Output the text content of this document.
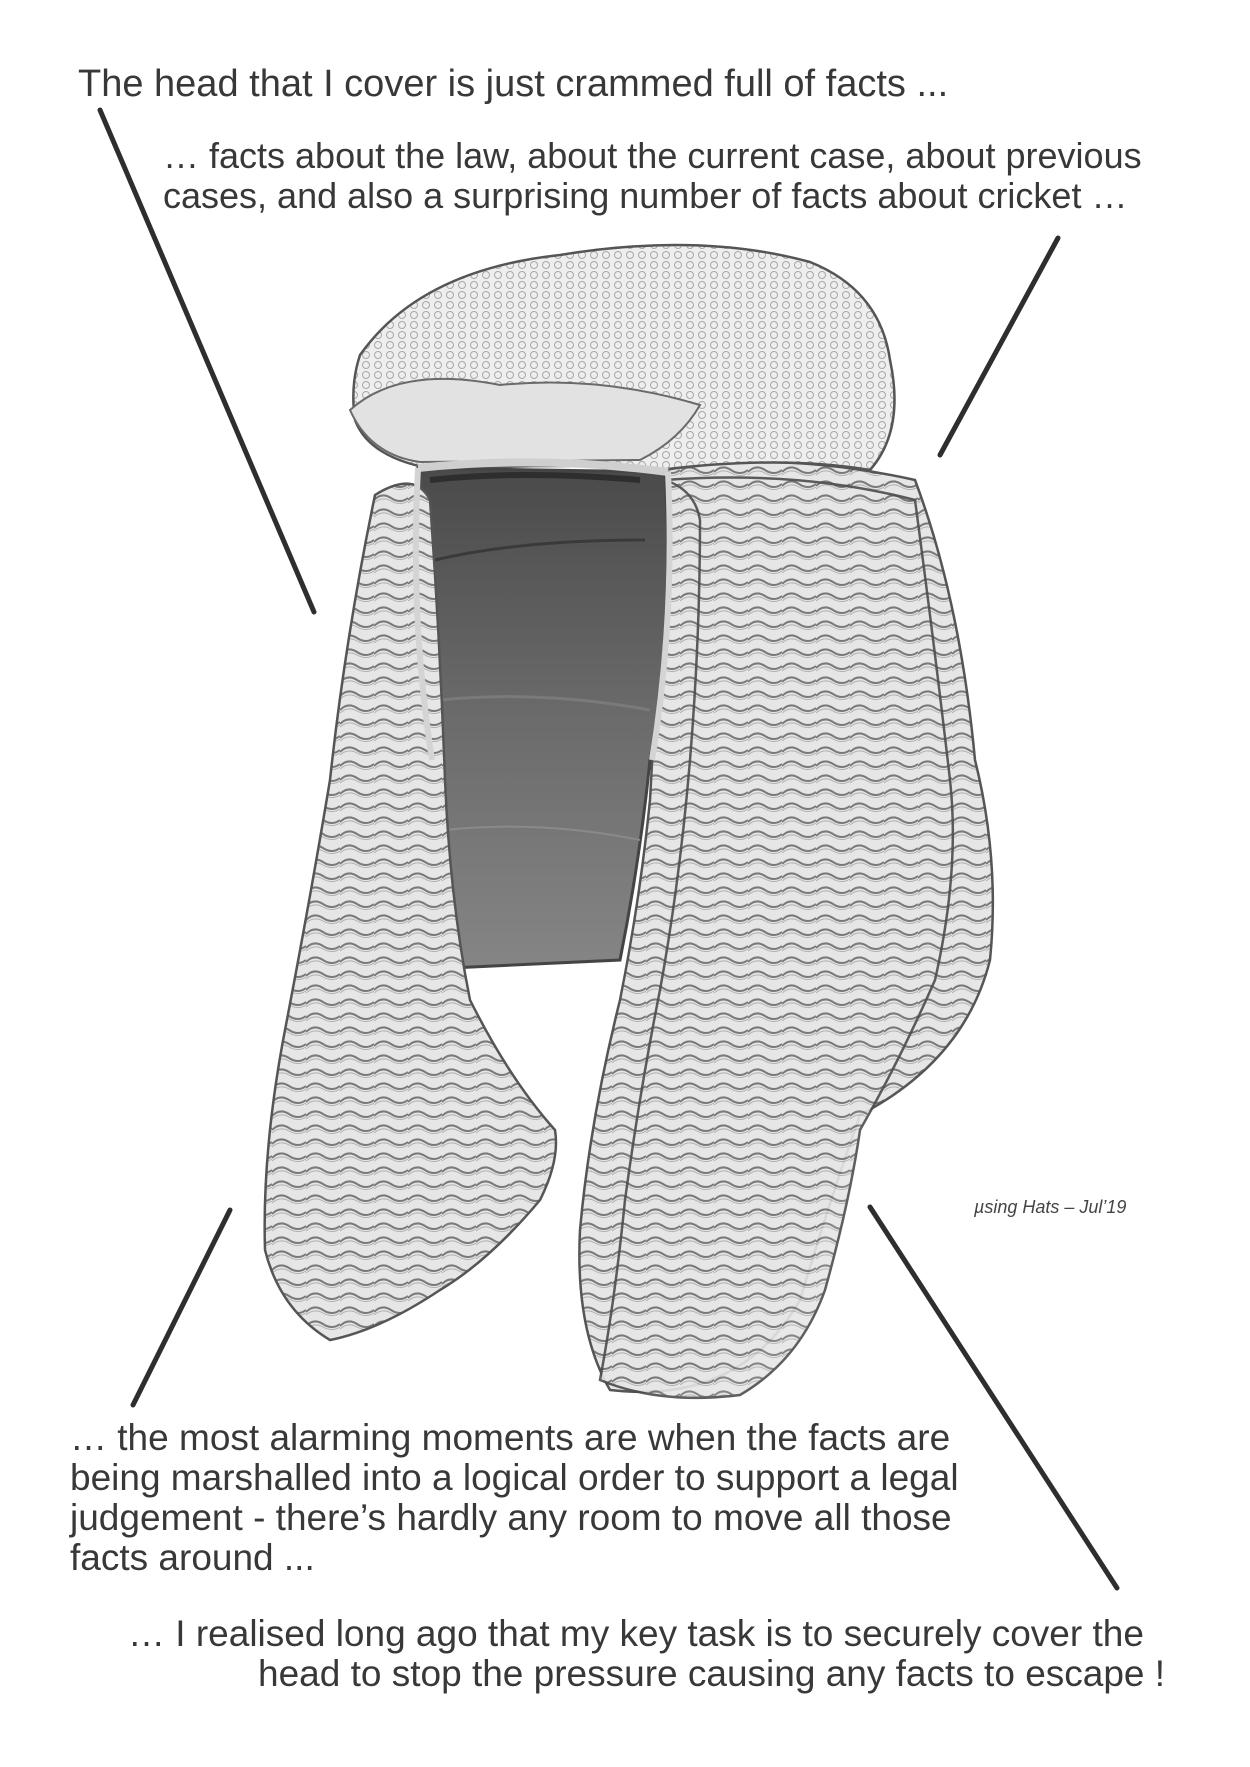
The head that I cover is just crammed full of facts ...

… facts about the law, about the current case, about previous
cases, and also a surprising number of facts about cricket …

… the most alarming moments are when the facts are
being marshalled into a logical order to support a legal
judgement - there’s hardly any room to move all those
facts around ...

… I realised long ago that my key task is to securely cover the
head to stop the pressure causing any facts to escape !

µsing Hats – Jul’19
